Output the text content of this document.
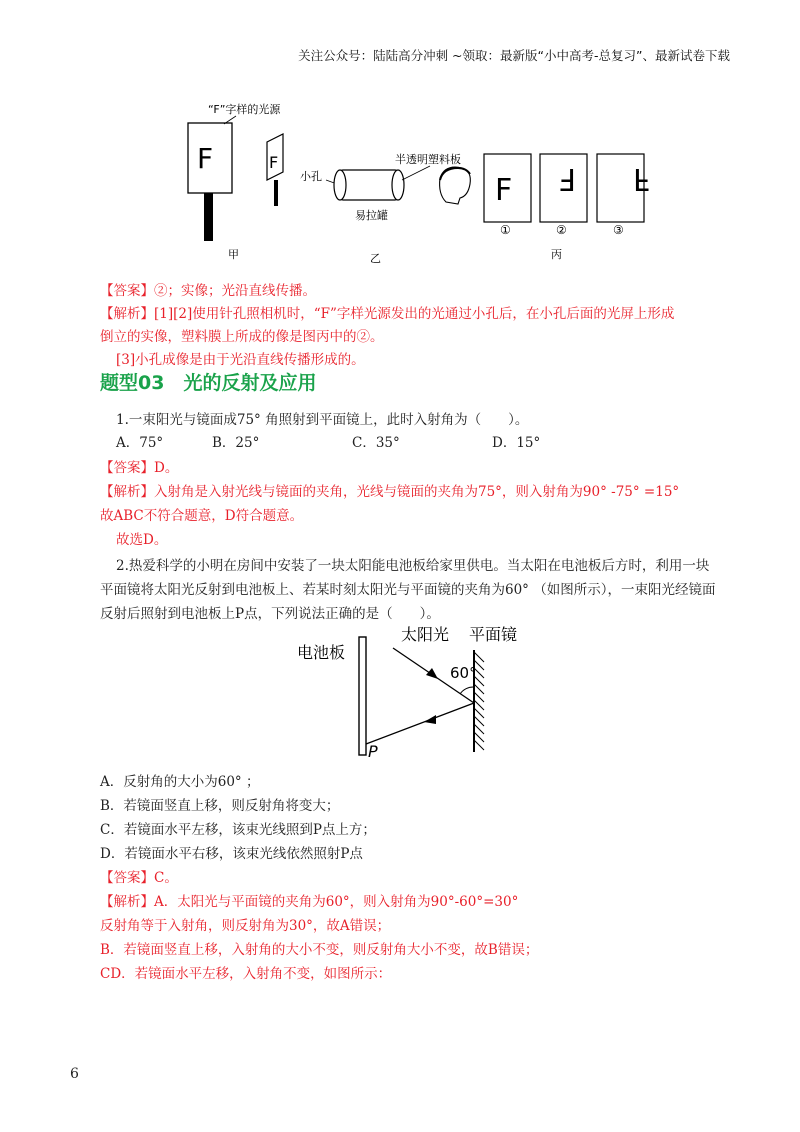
关注公众号：陆陆高分冲刺 ~领取：最新版“小中高考-总复习”、最新试卷下载
F
“F”字样的光源
F
小孔
易拉罐
半透明塑料板
F F F
①	②	③
甲	乙	丙
电池板
太阳光 平面镜
60°
P
【答案】②；实像；光沿直线传播。
【解析】[1][2]使用针孔照相机时，“F”字样光源发出的光通过小孔后，在小孔后面的光屏上形成
倒立的实像，塑料膜上所成的像是图丙中的②。
[3]小孔成像是由于光沿直线传播形成的。
题型03　光的反射及应用
1.一束阳光与镜面成75° 角照射到平面镜上，此时入射角为（　　）。
A．75°	B．25°	C．35°	D．15°
【答案】D。
【解析】入射角是入射光线与镜面的夹角，光线与镜面的夹角为75°，则入射角为90° -75° =15°
故ABC不符合题意，D符合题意。
故选D。
2.热爱科学的小明在房间中安装了一块太阳能电池板给家里供电。当太阳在电池板后方时，利用一块
平面镜将太阳光反射到电池板上、若某时刻太阳光与平面镜的夹角为60° （如图所示），一束阳光经镜面
反射后照射到电池板上P点，下列说法正确的是（　　）。
A．反射角的大小为60° ；
B．若镜面竖直上移，则反射角将变大；
C．若镜面水平左移，该束光线照到P点上方；
D．若镜面水平右移，该束光线依然照射P点
【答案】C。
【解析】A．太阳光与平面镜的夹角为60°，则入射角为90°-60°=30°
反射角等于入射角，则反射角为30°，故A错误；
B．若镜面竖直上移，入射角的大小不变，则反射角大小不变，故B错误；
CD．若镜面水平左移，入射角不变，如图所示：
6
